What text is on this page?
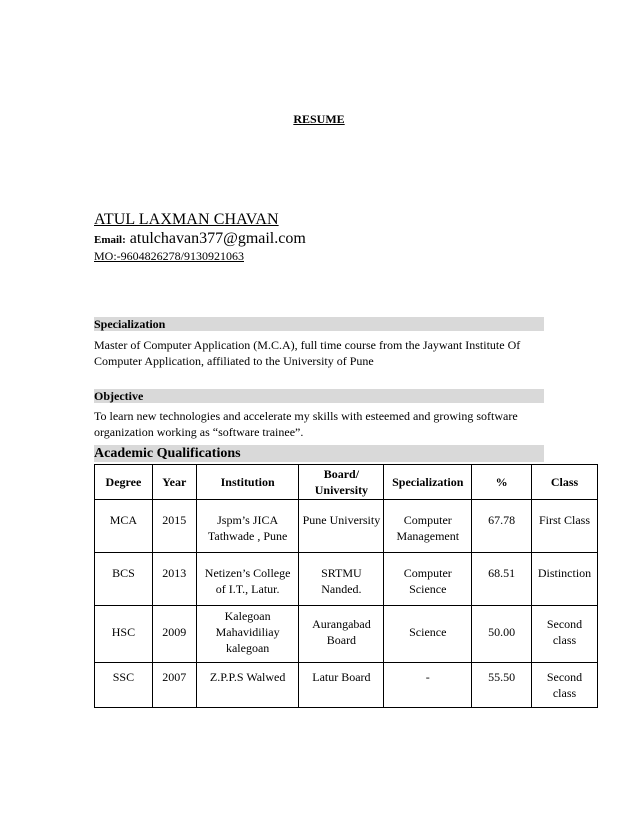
RESUME
ATUL LAXMAN CHAVAN
Email: atulchavan377@gmail.com
MO:-9604826278/9130921063
Specialization
Master of Computer Application (M.C.A), full time course from the Jaywant Institute Of Computer Application, affiliated to the University of Pune
Objective
To learn new technologies and accelerate my skills with esteemed and growing software organization working as “software trainee”.
Academic Qualifications
Degree	Year	Institution	Board/ University	Specialization	%	Class
MCA	2015	Jspm’s JICA Tathwade , Pune	Pune University	Computer Management	67.78	First Class
BCS	2013	Netizen’s College of I.T., Latur.	SRTMU Nanded.	Computer Science	68.51	Distinction
HSC	2009	Kalegoan Mahavidiliay kalegoan	Aurangabad Board	Science	50.00	Second class
SSC	2007	Z.P.P.S Walwed	Latur Board	-	55.50	Second class
